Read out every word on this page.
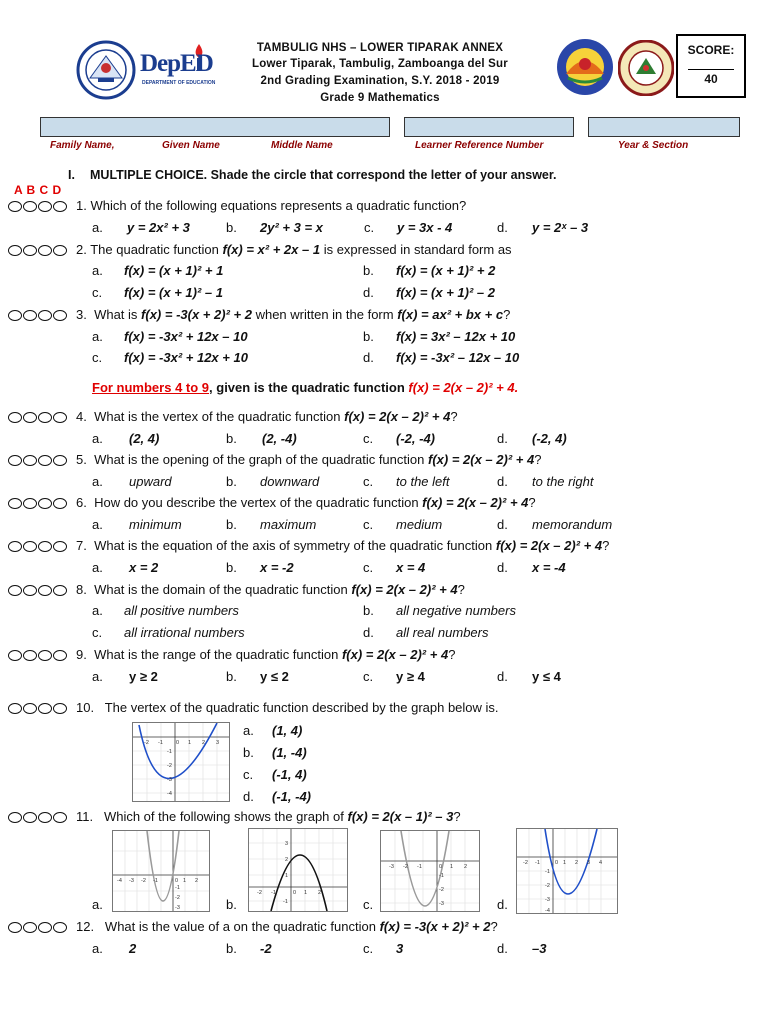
DepED
DEPARTMENT OF EDUCATION
TAMBULIG NHS – LOWER TIPARAK ANNEX
Lower Tiparak, Tambulig, Zamboanga del Sur
2nd Grading Examination, S.Y. 2018 - 2019
Grade 9 Mathematics
SCORE:
40
Family Name,	Given Name	Middle Name	Learner Reference Number	Year & Section
I. MULTIPLE CHOICE. Shade the circle that correspond the letter of your answer.
A B C D
1. Which of the following equations represents a quadratic function?
a. y = 2x² + 3	b. 2y² + 3 = x	c. y = 3x - 4	d. y = 2ˣ – 3
2. The quadratic function f(x) = x² + 2x – 1 is expressed in standard form as
a. f(x) = (x + 1)² + 1	b. f(x) = (x + 1)² + 2
c. f(x) = (x + 1)² – 1	d. f(x) = (x + 1)² – 2
3. What is f(x) = -3(x + 2)² + 2 when written in the form f(x) = ax² + bx + c?
a. f(x) = -3x² + 12x – 10	b. f(x) = 3x² – 12x + 10
c. f(x) = -3x² + 12x + 10	d. f(x) = -3x² – 12x – 10
For numbers 4 to 9, given is the quadratic function f(x) = 2(x – 2)² + 4.
4. What is the vertex of the quadratic function f(x) = 2(x – 2)² + 4?
a. (2, 4)	b. (2, -4)	c. (-2, -4)	d. (-2, 4)
5. What is the opening of the graph of the quadratic function f(x) = 2(x – 2)² + 4?
a. upward	b. downward	c. to the left	d. to the right
6. How do you describe the vertex of the quadratic function f(x) = 2(x – 2)² + 4?
a. minimum	b. maximum	c. medium	d. memorandum
7. What is the equation of the axis of symmetry of the quadratic function f(x) = 2(x – 2)² + 4?
a. x = 2	b. x = -2	c. x = 4	d. x = -4
8. What is the domain of the quadratic function f(x) = 2(x – 2)² + 4?
a. all positive numbers	b. all negative numbers
c. all irrational numbers	d. all real numbers
9. What is the range of the quadratic function f(x) = 2(x – 2)² + 4?
a. y ≥ 2	b. y ≤ 2	c. y ≥ 4	d. y ≤ 4
10. The vertex of the quadratic function described by the graph below is.
-2 -1 0 1 2 3
-1
-2
-3
-4
a. (1, 4)
b. (1, -4)
c. (-1, 4)
d. (-1, -4)
11. Which of the following shows the graph of f(x) = 2(x – 1)² – 3?
-4 -3 -2 -1	0 1 2
-1
-2
-3
-2 -1	0 1 2
3
2
1
-1
-3 -2 -1	0 1 2
-1
-2
-3
-2 -1	0 1 2 3 4
-1
-2
-3
-4
a.	b.	c.	d.
12. What is the value of a on the quadratic function f(x) = -3(x + 2)² + 2?
a. 2	b. -2	c. 3	d. –3
